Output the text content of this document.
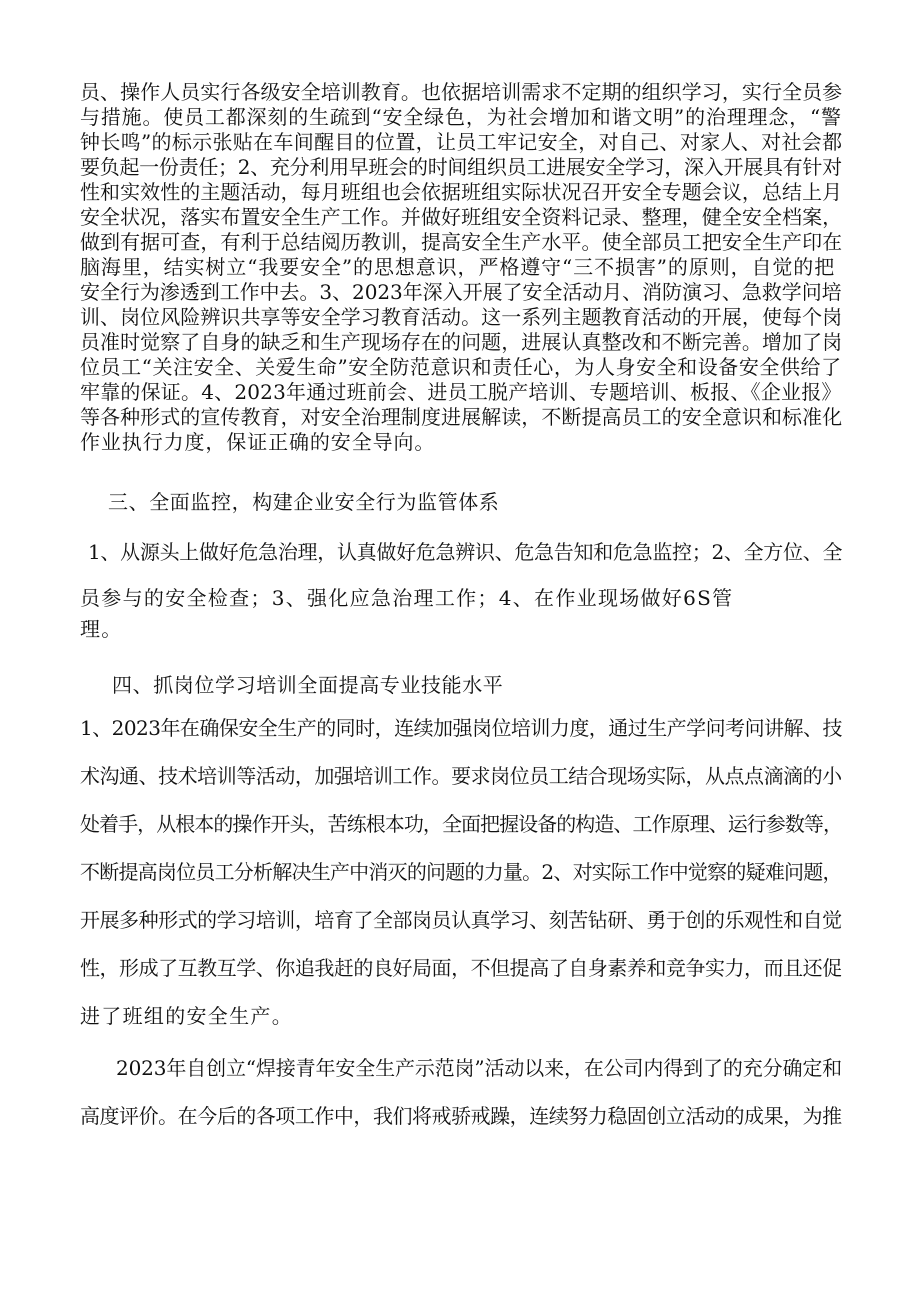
员、操作人员实行各级安全培训教育。也依据培训需求不定期的组织学习，实行全员参
与措施。使员工都深刻的生疏到“安全绿色，为社会增加和谐文明”的治理理念，“警
钟长鸣”的标示张贴在车间醒目的位置，让员工牢记安全，对自己、对家人、对社会都
要负起一份责任；2、充分利用早班会的时间组织员工进展安全学习，深入开展具有针对
性和实效性的主题活动，每月班组也会依据班组实际状况召开安全专题会议，总结上月
安全状况，落实布置安全生产工作。并做好班组安全资料记录、整理，健全安全档案，
做到有据可查，有利于总结阅历教训，提高安全生产水平。使全部员工把安全生产印在
脑海里，结实树立“我要安全”的思想意识，严格遵守“三不损害”的原则，自觉的把
安全行为渗透到工作中去。3、2023年深入开展了安全活动月、消防演习、急救学问培
训、岗位风险辨识共享等安全学习教育活动。这一系列主题教育活动的开展，使每个岗
员准时觉察了自身的缺乏和生产现场存在的问题，进展认真整改和不断完善。增加了岗
位员工“关注安全、关爱生命”安全防范意识和责任心，为人身安全和设备安全供给了
牢靠的保证。4、2023年通过班前会、进员工脱产培训、专题培训、板报、《企业报》
等各种形式的宣传教育，对安全治理制度进展解读，不断提高员工的安全意识和标准化
作业执行力度，保证正确的安全导向。
三、全面监控，构建企业安全行为监管体系
1、从源头上做好危急治理，认真做好危急辨识、危急告知和危急监控；2、全方位、全
员参与的安全检查；3、强化应急治理工作；4、在作业现场做好6S管
理。
四、抓岗位学习培训全面提高专业技能水平
1、2023年在确保安全生产的同时，连续加强岗位培训力度，通过生产学问考问讲解、技
术沟通、技术培训等活动，加强培训工作。要求岗位员工结合现场实际，从点点滴滴的小
处着手，从根本的操作开头，苦练根本功，全面把握设备的构造、工作原理、运行参数等，
不断提高岗位员工分析解决生产中消灭的问题的力量。2、对实际工作中觉察的疑难问题，
开展多种形式的学习培训，培育了全部岗员认真学习、刻苦钻研、勇于创的乐观性和自觉
性，形成了互教互学、你追我赶的良好局面，不但提高了自身素养和竞争实力，而且还促
进了班组的安全生产。
2023年自创立“焊接青年安全生产示范岗”活动以来，在公司内得到了的充分确定和
高度评价。在今后的各项工作中，我们将戒骄戒躁，连续努力稳固创立活动的成果，为推
